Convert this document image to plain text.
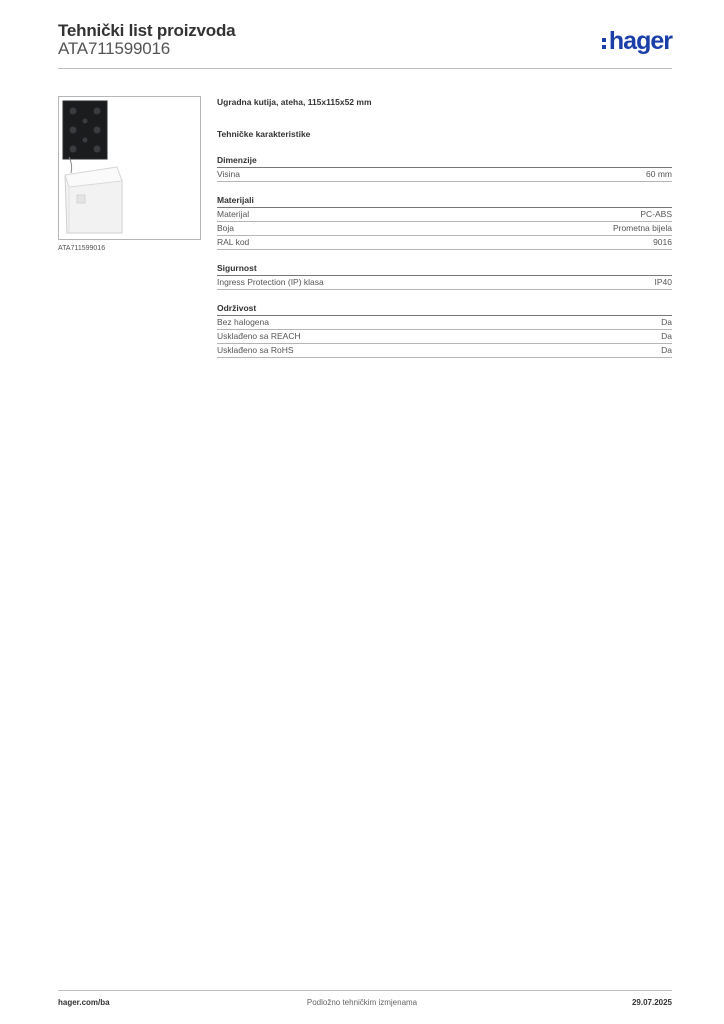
Tehnički list proizvoda
ATA711599016	hager
ATA711599016
Ugradna kutija, ateha, 115x115x52 mm
Tehničke karakteristike
Dimenzije
Visina	60 mm
Materijali
Materijal	PC-ABS
Boja	Prometna bijela
RAL kod	9016
Sigurnost
Ingress Protection (IP) klasa	IP40
Održivost
Bez halogena	Da
Usklađeno sa REACH	Da
Usklađeno sa RoHS	Da
hager.com/ba	Podložno tehničkim izmjenama	29.07.2025
